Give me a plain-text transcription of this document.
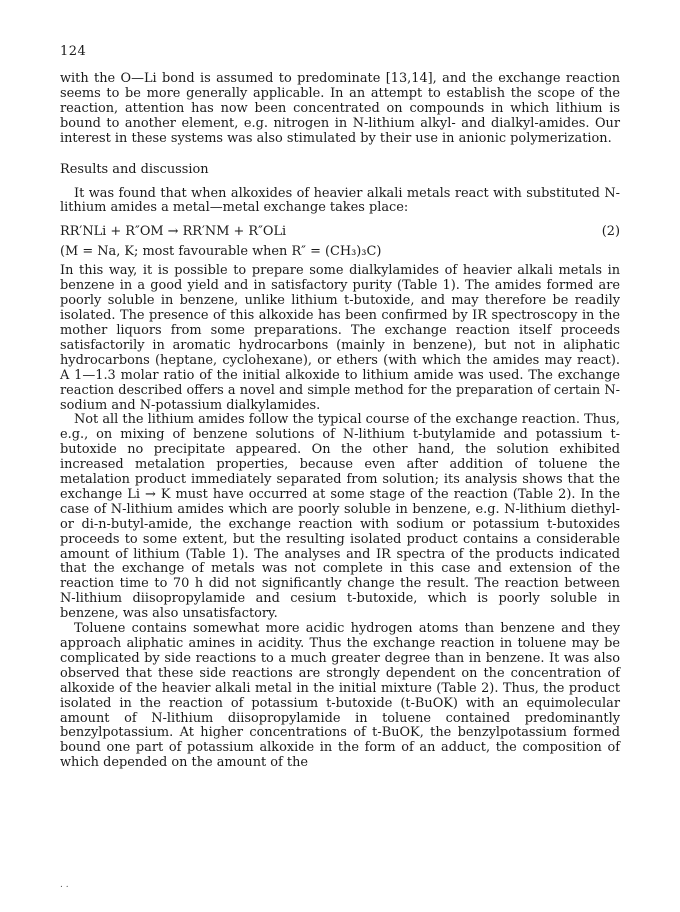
124

with the O—Li bond is assumed to predominate [13,14], and the exchange reaction seems to be more generally applicable. In an attempt to establish the scope of the reaction, attention has now been concentrated on compounds in which lithium is bound to another element, e.g. nitrogen in N-lithium alkyl- and dialkyl-amides. Our interest in these systems was also stimulated by their use in anionic polymerization.

Results and discussion

It was found that when alkoxides of heavier alkali metals react with substituted N-lithium amides a metal—metal exchange takes place:

RR′NLi + R″OM → RR′NM + R″OLi	(2)
(M = Na, K; most favourable when R″ = (CH₃)₃C)

In this way, it is possible to prepare some dialkylamides of heavier alkali metals in benzene in a good yield and in satisfactory purity (Table 1). The amides formed are poorly soluble in benzene, unlike lithium t-butoxide, and may therefore be readily isolated. The presence of this alkoxide has been confirmed by IR spectroscopy in the mother liquors from some preparations. The exchange reaction itself proceeds satisfactorily in aromatic hydrocarbons (mainly in benzene), but not in aliphatic hydrocarbons (heptane, cyclohexane), or ethers (with which the amides may react). A 1—1.3 molar ratio of the initial alkoxide to lithium amide was used. The exchange reaction described offers a novel and simple method for the preparation of certain N-sodium and N-potassium dialkylamides.

Not all the lithium amides follow the typical course of the exchange reaction. Thus, e.g., on mixing of benzene solutions of N-lithium t-butylamide and potassium t-butoxide no precipitate appeared. On the other hand, the solution exhibited increased metalation properties, because even after addition of toluene the metalation product immediately separated from solution; its analysis shows that the exchange Li → K must have occurred at some stage of the reaction (Table 2). In the case of N-lithium amides which are poorly soluble in benzene, e.g. N-lithium diethyl- or di-n-butyl-amide, the exchange reaction with sodium or potassium t-butoxides proceeds to some extent, but the resulting isolated product contains a considerable amount of lithium (Table 1). The analyses and IR spectra of the products indicated that the exchange of metals was not complete in this case and extension of the reaction time to 70 h did not significantly change the result. The reaction between N-lithium diisopropylamide and cesium t-butoxide, which is poorly soluble in benzene, was also unsatisfactory.

Toluene contains somewhat more acidic hydrogen atoms than benzene and they approach aliphatic amines in acidity. Thus the exchange reaction in toluene may be complicated by side reactions to a much greater degree than in benzene. It was also observed that these side reactions are strongly dependent on the concentration of alkoxide of the heavier alkali metal in the initial mixture (Table 2). Thus, the product isolated in the reaction of potassium t-butoxide (t-BuOK) with an equimolecular amount of N-lithium diisopropylamide in toluene contained predominantly benzylpotassium. At higher concentrations of t-BuOK, the benzylpotassium formed bound one part of potassium alkoxide in the form of an adduct, the composition of which depended on the amount of the

. .
